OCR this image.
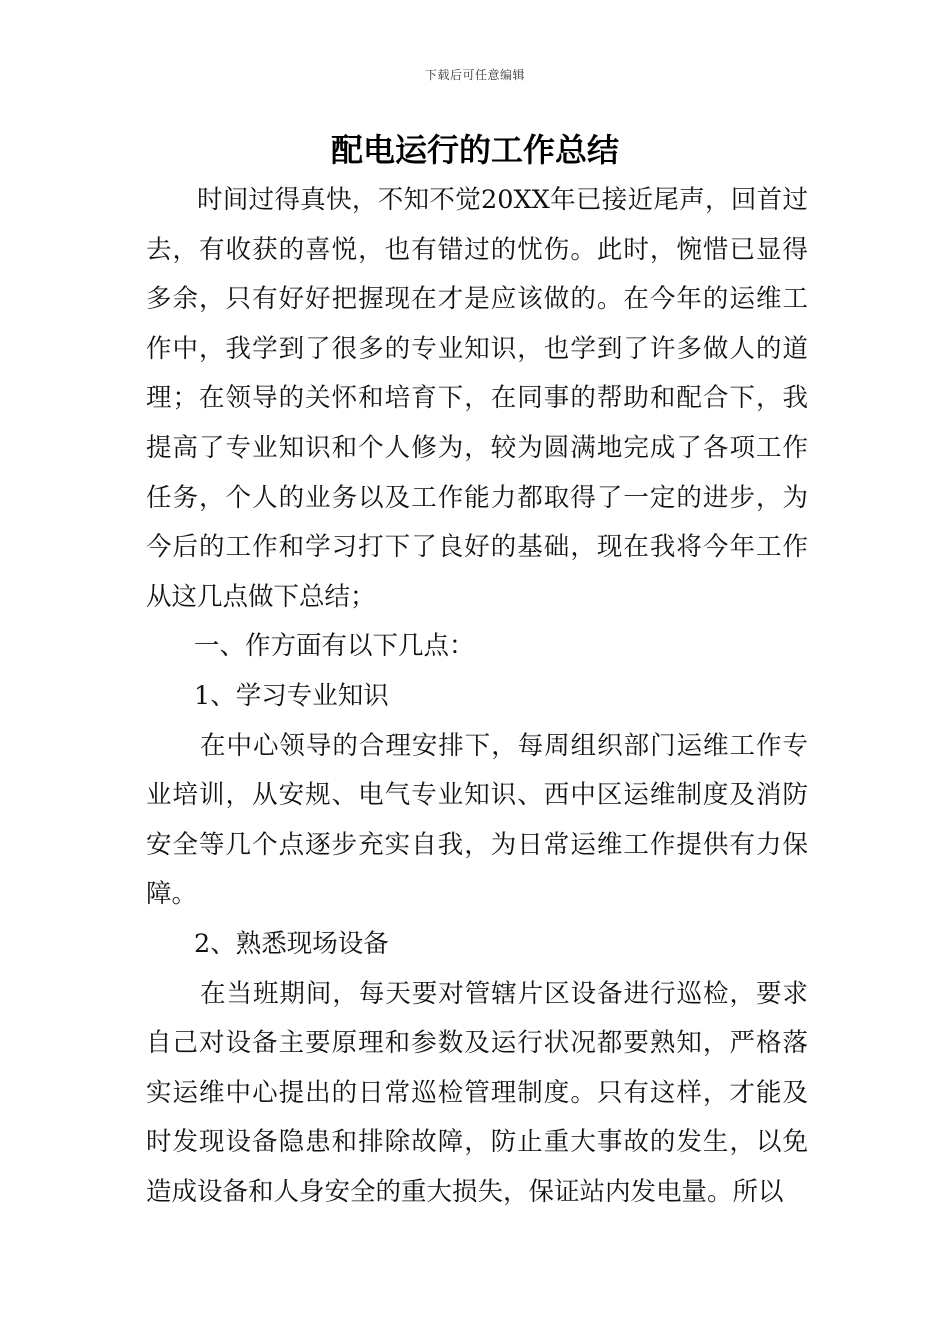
下载后可任意编辑
配电运行的工作总结

时间过得真快，不知不觉20XX年已接近尾声，回首过去，有收获的喜悦，也有错过的忧伤。此时，惋惜已显得多余，只有好好把握现在才是应该做的。在今年的运维工作中，我学到了很多的专业知识，也学到了许多做人的道理；在领导的关怀和培育下，在同事的帮助和配合下，我提高了专业知识和个人修为，较为圆满地完成了各项工作任务，个人的业务以及工作能力都取得了一定的进步，为今后的工作和学习打下了良好的基础，现在我将今年工作从这几点做下总结；

一、作方面有以下几点：

1、学习专业知识

在中心领导的合理安排下，每周组织部门运维工作专业培训，从安规、电气专业知识、西中区运维制度及消防安全等几个点逐步充实自我，为日常运维工作提供有力保障。

2、熟悉现场设备

在当班期间，每天要对管辖片区设备进行巡检，要求自己对设备主要原理和参数及运行状况都要熟知，严格落实运维中心提出的日常巡检管理制度。只有这样，才能及时发现设备隐患和排除故障，防止重大事故的发生，以免造成设备和人身安全的重大损失，保证站内发电量。所以
